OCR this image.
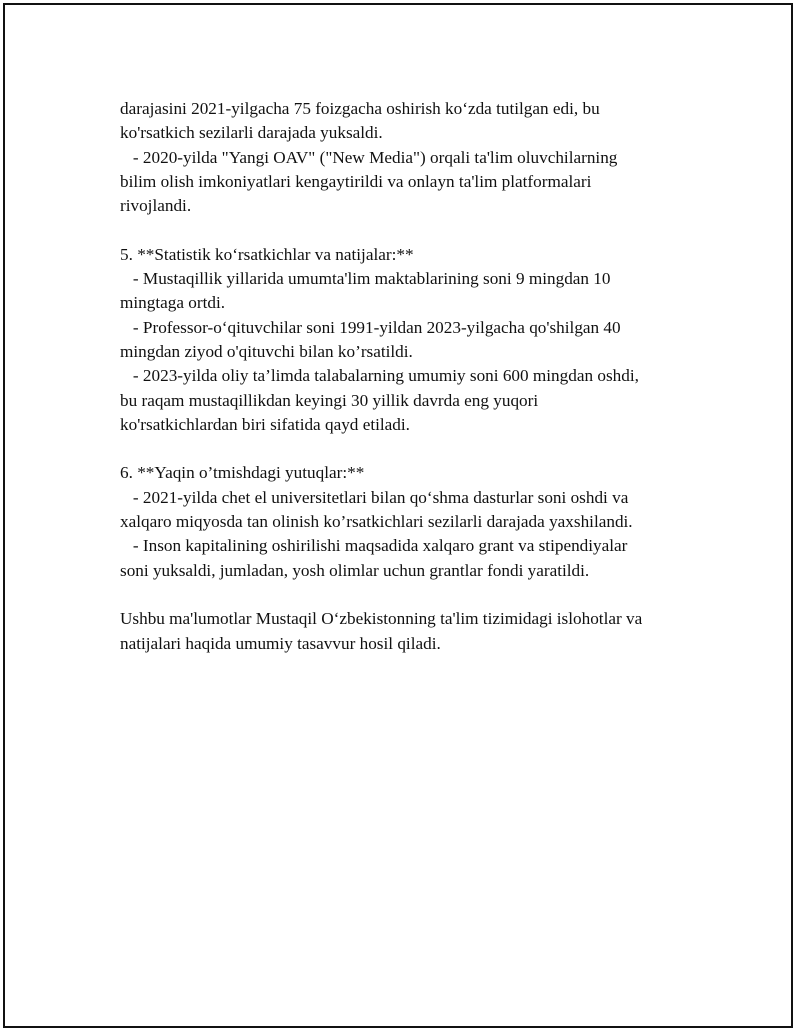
darajasini 2021-yilgacha 75 foizgacha oshirish ko‘zda tutilgan edi, bu

ko'rsatkich sezilarli darajada yuksaldi.

- 2020-yilda "Yangi OAV" ("New Media") orqali ta'lim oluvchilarning

bilim olish imkoniyatlari kengaytirildi va onlayn ta'lim platformalari

rivojlandi.

5. **Statistik ko‘rsatkichlar va natijalar:**

- Mustaqillik yillarida umumta'lim maktablarining soni 9 mingdan 10

mingtaga ortdi.

- Professor-o‘qituvchilar soni 1991-yildan 2023-yilgacha qo'shilgan 40

mingdan ziyod o'qituvchi bilan ko’rsatildi.

- 2023-yilda oliy ta’limda talabalarning umumiy soni 600 mingdan oshdi,

bu raqam mustaqillikdan keyingi 30 yillik davrda eng yuqori

ko'rsatkichlardan biri sifatida qayd etiladi.

6. **Yaqin o’tmishdagi yutuqlar:**

- 2021-yilda chet el universitetlari bilan qo‘shma dasturlar soni oshdi va

xalqaro miqyosda tan olinish ko’rsatkichlari sezilarli darajada yaxshilandi.

- Inson kapitalining oshirilishi maqsadida xalqaro grant va stipendiyalar

soni yuksaldi, jumladan, yosh olimlar uchun grantlar fondi yaratildi.

Ushbu ma'lumotlar Mustaqil O‘zbekistonning ta'lim tizimidagi islohotlar va

natijalari haqida umumiy tasavvur hosil qiladi.
